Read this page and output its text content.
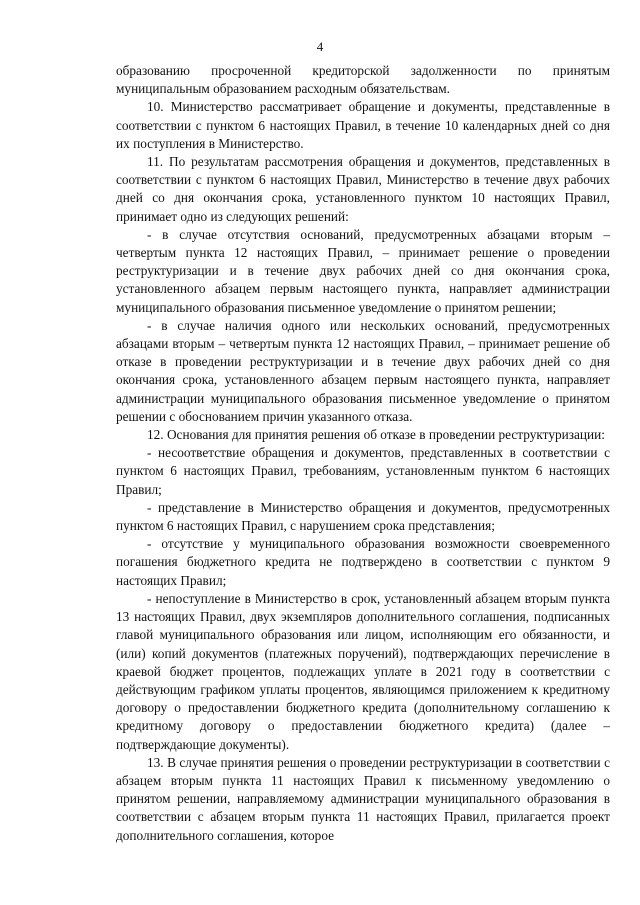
4

образованию просроченной кредиторской задолженности по принятым муниципальным образованием расходным обязательствам.

10. Министерство рассматривает обращение и документы, представленные в соответствии с пунктом 6 настоящих Правил, в течение 10 календарных дней со дня их поступления в Министерство.

11. По результатам рассмотрения обращения и документов, представленных в соответствии с пунктом 6 настоящих Правил, Министерство в течение двух рабочих дней со дня окончания срока, установленного пунктом 10 настоящих Правил, принимает одно из следующих решений:

- в случае отсутствия оснований, предусмотренных абзацами вторым – четвертым пункта 12 настоящих Правил, – принимает решение о проведении реструктуризации и в течение двух рабочих дней со дня окончания срока, установленного абзацем первым настоящего пункта, направляет администрации муниципального образования письменное уведомление о принятом решении;

- в случае наличия одного или нескольких оснований, предусмотренных абзацами вторым – четвертым пункта 12 настоящих Правил, – принимает решение об отказе в проведении реструктуризации и в течение двух рабочих дней со дня окончания срока, установленного абзацем первым настоящего пункта, направляет администрации муниципального образования письменное уведомление о принятом решении с обоснованием причин указанного отказа.

12. Основания для принятия решения об отказе в проведении реструктуризации:

- несоответствие обращения и документов, представленных в соответствии с пунктом 6 настоящих Правил, требованиям, установленным пунктом 6 настоящих Правил;

- представление в Министерство обращения и документов, предусмотренных пунктом 6 настоящих Правил, с нарушением срока представления;

- отсутствие у муниципального образования возможности своевременного погашения бюджетного кредита не подтверждено в соответствии с пунктом 9 настоящих Правил;

- непоступление в Министерство в срок, установленный абзацем вторым пункта 13 настоящих Правил, двух экземпляров дополнительного соглашения, подписанных главой муниципального образования или лицом, исполняющим его обязанности, и (или) копий документов (платежных поручений), подтверждающих перечисление в краевой бюджет процентов, подлежащих уплате в 2021 году в соответствии с действующим графиком уплаты процентов, являющимся приложением к кредитному договору о предоставлении бюджетного кредита (дополнительному соглашению к кредитному договору о предоставлении бюджетного кредита) (далее – подтверждающие документы).

13. В случае принятия решения о проведении реструктуризации в соответствии с абзацем вторым пункта 11 настоящих Правил к письменному уведомлению о принятом решении, направляемому администрации муниципального образования в соответствии с абзацем вторым пункта 11 настоящих Правил, прилагается проект дополнительного соглашения, которое
